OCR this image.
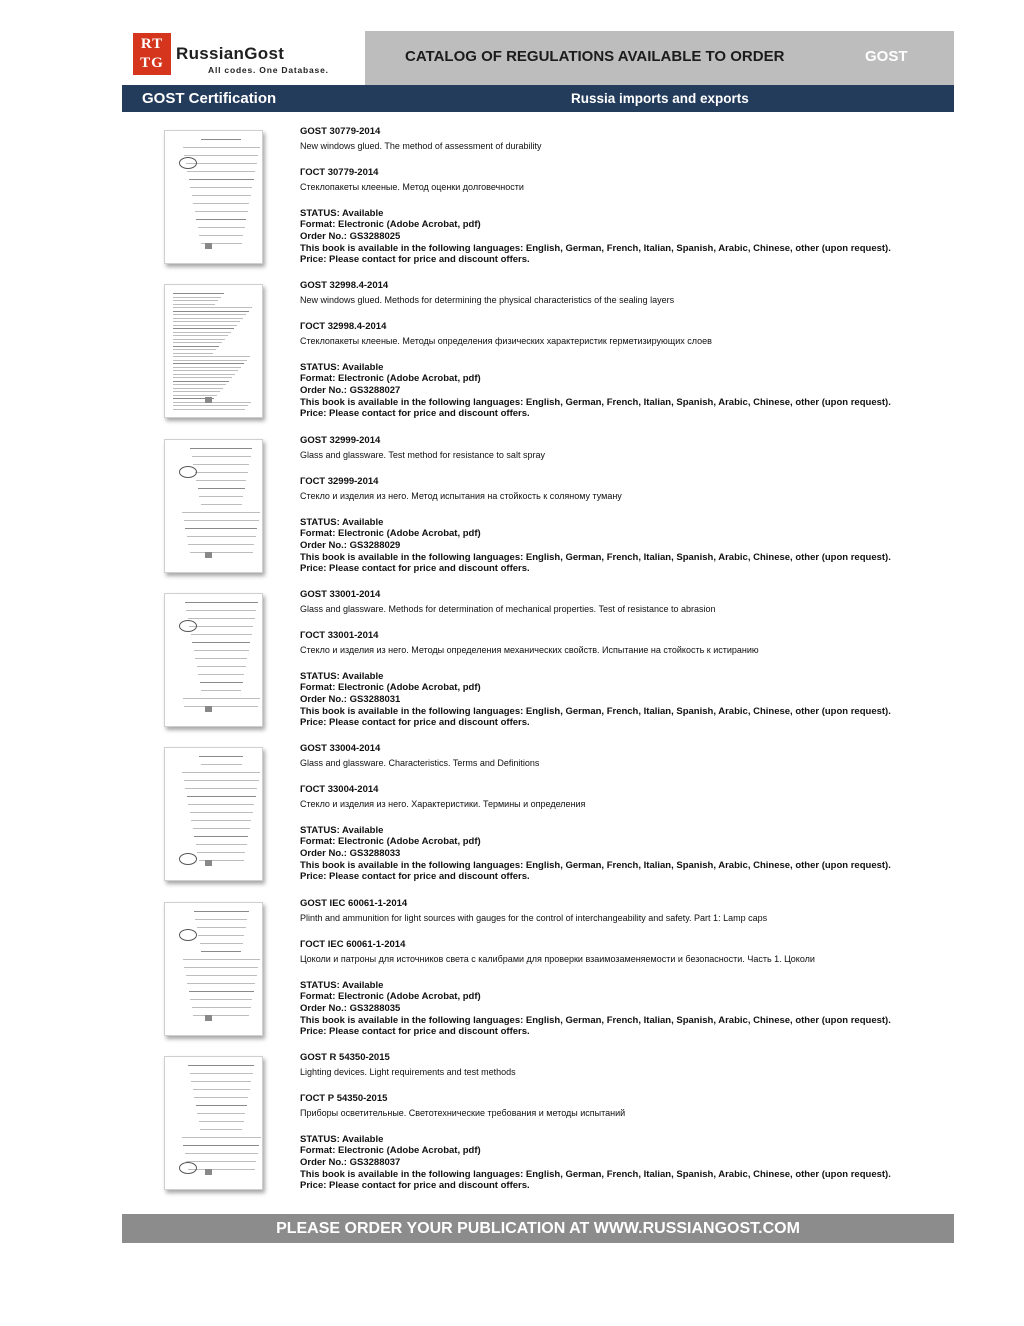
RT
TG RussianGost
All codes. One Database.
CATALOG OF REGULATIONS AVAILABLE TO ORDER	GOST
GOST Certification	Russia imports and exports
GOST 30779-2014
New windows glued. The method of assessment of durability
ГОСТ 30779-2014
Стеклопакеты клееные. Метод оценки долговечности
STATUS: Available
Format: Electronic (Adobe Acrobat, pdf)
Order No.: GS3288025
This book is available in the following languages: English, German, French, Italian, Spanish, Arabic, Chinese, other (upon request).
Price: Please contact for price and discount offers.
GOST 32998.4-2014
New windows glued. Methods for determining the physical characteristics of the sealing layers
ГОСТ 32998.4-2014
Стеклопакеты клееные. Методы определения физических характеристик герметизирующих слоев
STATUS: Available
Format: Electronic (Adobe Acrobat, pdf)
Order No.: GS3288027
This book is available in the following languages: English, German, French, Italian, Spanish, Arabic, Chinese, other (upon request).
Price: Please contact for price and discount offers.
GOST 32999-2014
Glass and glassware. Test method for resistance to salt spray
ГОСТ 32999-2014
Стекло и изделия из него. Метод испытания на стойкость к соляному туману
STATUS: Available
Format: Electronic (Adobe Acrobat, pdf)
Order No.: GS3288029
This book is available in the following languages: English, German, French, Italian, Spanish, Arabic, Chinese, other (upon request).
Price: Please contact for price and discount offers.
GOST 33001-2014
Glass and glassware. Methods for determination of mechanical properties. Test of resistance to abrasion
ГОСТ 33001-2014
Стекло и изделия из него. Методы определения механических свойств. Испытание на стойкость к истиранию
STATUS: Available
Format: Electronic (Adobe Acrobat, pdf)
Order No.: GS3288031
This book is available in the following languages: English, German, French, Italian, Spanish, Arabic, Chinese, other (upon request).
Price: Please contact for price and discount offers.
GOST 33004-2014
Glass and glassware. Characteristics. Terms and Definitions
ГОСТ 33004-2014
Стекло и изделия из него. Характеристики. Термины и определения
STATUS: Available
Format: Electronic (Adobe Acrobat, pdf)
Order No.: GS3288033
This book is available in the following languages: English, German, French, Italian, Spanish, Arabic, Chinese, other (upon request).
Price: Please contact for price and discount offers.
GOST IEC 60061-1-2014
Plinth and ammunition for light sources with gauges for the control of interchangeability and safety. Part 1: Lamp caps
ГОСТ IEC 60061-1-2014
Цоколи и патроны для источников света с калибрами для проверки взаимозаменяемости и безопасности. Часть 1. Цоколи
STATUS: Available
Format: Electronic (Adobe Acrobat, pdf)
Order No.: GS3288035
This book is available in the following languages: English, German, French, Italian, Spanish, Arabic, Chinese, other (upon request).
Price: Please contact for price and discount offers.
GOST R 54350-2015
Lighting devices. Light requirements and test methods
ГОСТ Р 54350-2015
Приборы осветительные. Светотехнические требования и методы испытаний
STATUS: Available
Format: Electronic (Adobe Acrobat, pdf)
Order No.: GS3288037
This book is available in the following languages: English, German, French, Italian, Spanish, Arabic, Chinese, other (upon request).
Price: Please contact for price and discount offers.
PLEASE ORDER YOUR PUBLICATION AT WWW.RUSSIANGOST.COM
